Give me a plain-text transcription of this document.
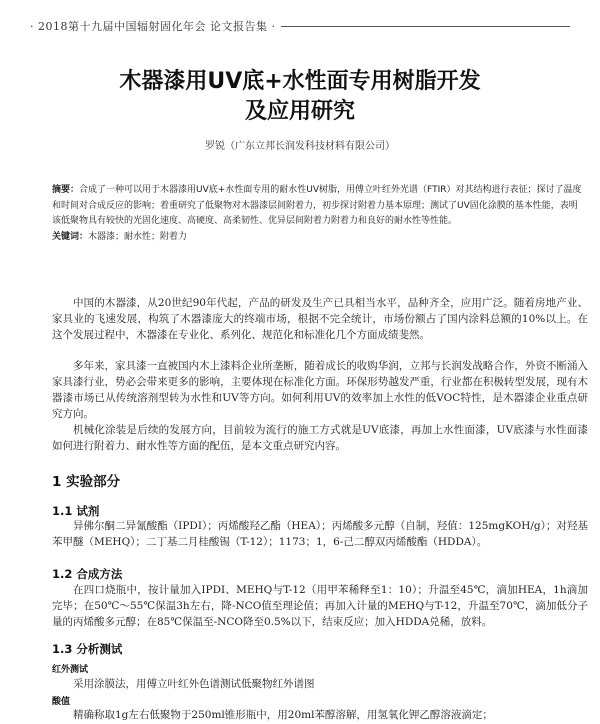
· 2018第十九届中国辐射固化年会 论文报告集 ·
木器漆用UV底+水性面专用树脂开发
及应用研究
罗锐（广东立邦长润发科技材料有限公司）
摘要：合成了一种可以用于木器漆用UV底+水性面专用的耐水性UV树脂，用傅立叶红外光谱（FTIR）对其结构进行表征；探讨了温度和时间对合成反应的影响；着重研究了低聚物对木器漆层间附着力，初步探讨附着力基本原理；测试了UV固化涂膜的基本性能，表明该低聚物具有较快的光固化速度、高硬度、高柔韧性、优异层间附着力附着力和良好的耐水性等性能。
关键词：木器漆；耐水性；附着力

中国的木器漆，从20世纪90年代起，产品的研发及生产已具相当水平，品种齐全，应用广泛。随着房地产业、家具业的飞速发展，构筑了木器漆庞大的终端市场，根据不完全统计，市场份额占了国内涂料总额的10%以上。在这个发展过程中，木器漆在专业化、系列化、规范化和标准化几个方面成绩斐然。

多年来，家具漆一直被国内木上漆料企业所垄断，随着成长的收购华润，立邦与长润发战略合作，外资不断涌入家具漆行业，势必会带来更多的影响，主要体现在标准化方面。环保形势越发严重，行业都在积极转型发展，现有木器漆市场已从传统溶剂型转为水性和UV等方向。如何利用UV的效率加上水性的低VOC特性，是木器漆企业重点研究方向。

机械化涂装是后续的发展方向，目前较为流行的施工方式就是UV底漆，再加上水性面漆，UV底漆与水性面漆如何进行附着力、耐水性等方面的配伍，是本文重点研究内容。

1 实验部分
1.1 试剂

异佛尔酮二异氰酸酯（IPDI）；丙烯酸羟乙酯（HEA）；丙烯酸多元醇（自制，羟值：125mgKOH/g）；对羟基苯甲醚（MEHQ）；二丁基二月桂酸锡（T-12）；1173；1，6-己二醇双丙烯酸酯（HDDA）。

1.2 合成方法

在四口烧瓶中，按计量加入IPDI、MEHQ与T-12（用甲苯稀释至1：10）；升温至45℃，滴加HEA，1h滴加完毕；在50℃～55℃保温3h左右，降-NCO值至理论值；再加入计量的MEHQ与T-12，升温至70℃，滴加低分子量的丙烯酸多元醇；在85℃保温至-NCO降至0.5%以下，结束反应；加入HDDA兑稀，放料。

1.3 分析测试
红外测试

采用涂膜法，用傅立叶红外色谱测试低聚物红外谱图

酸值

精确称取1g左右低聚物于250ml锥形瓶中，用20ml苯醇溶解，用氢氧化钾乙醇溶液滴定；
